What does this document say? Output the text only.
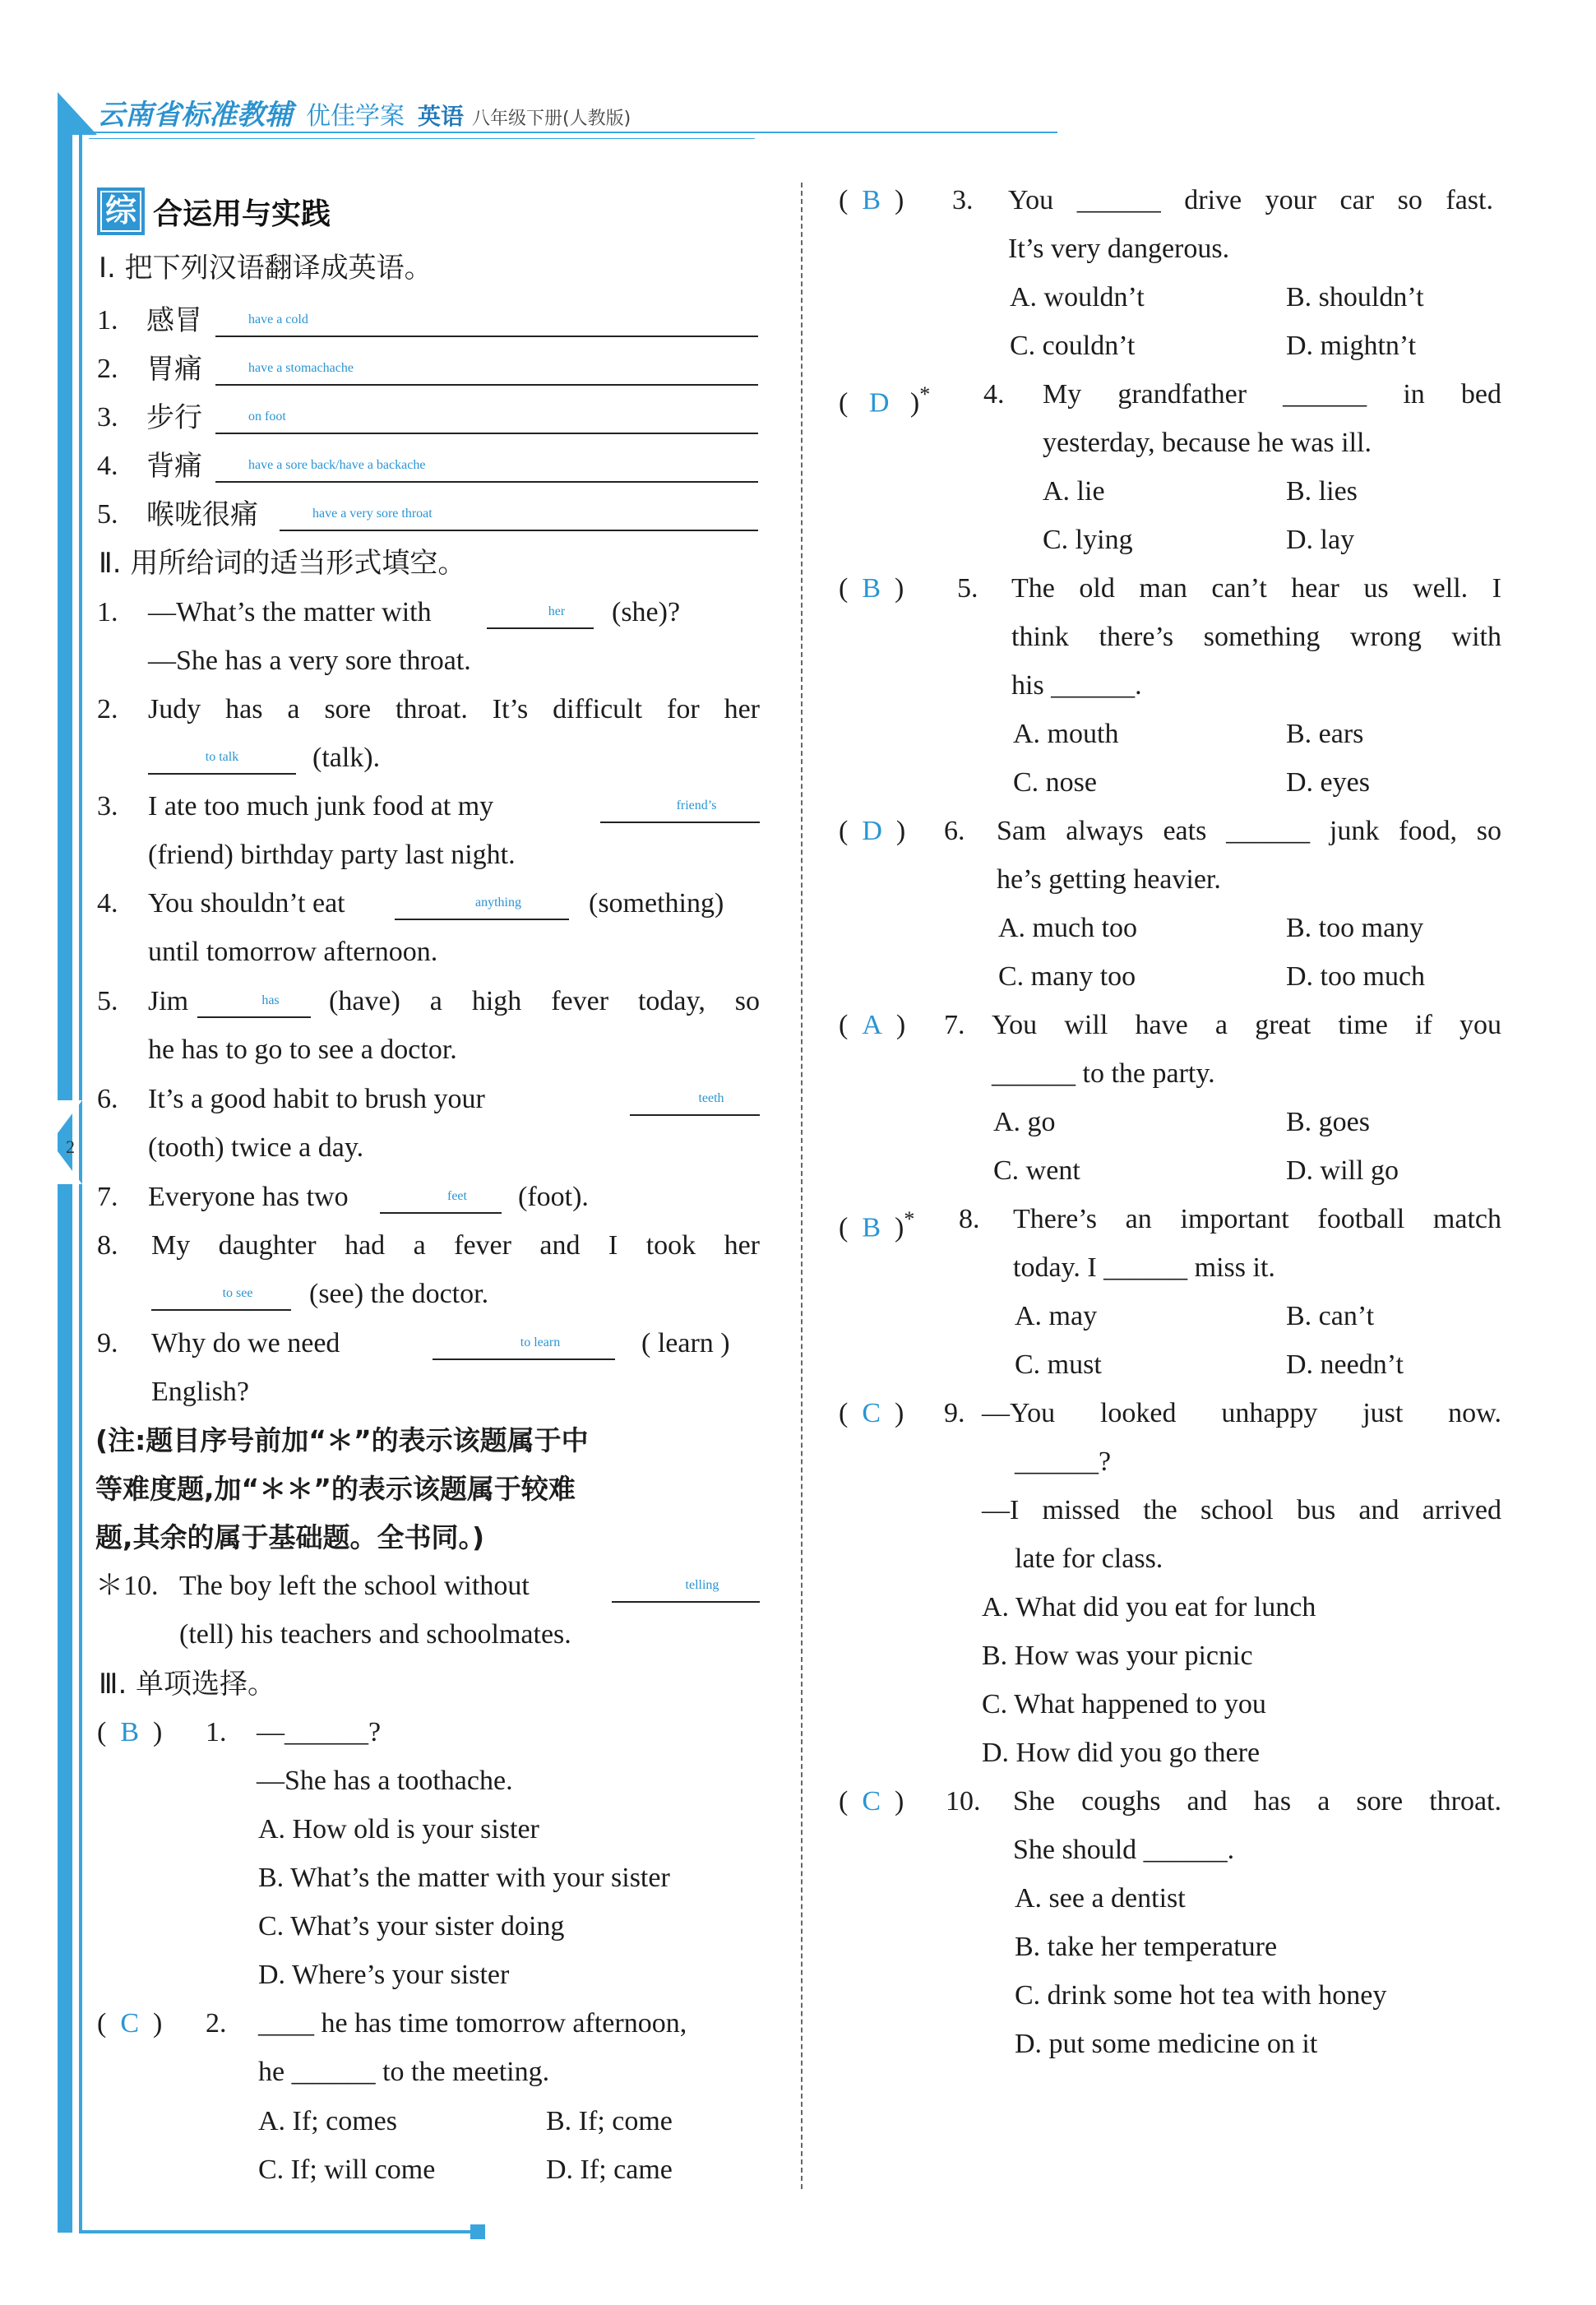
2
云南省标准教辅 优佳学案 英语 八年级下册(人教版)
综 合运用与实践
Ⅰ. 把下列汉语翻译成英语。
1. 感冒	have a cold
2. 胃痛	have a stomachache
3. 步行	on foot
4. 背痛	have a sore back/have a backache
5. 喉咙很痛	have a very sore throat
Ⅱ. 用所给词的适当形式填空。
1. —What’s the matter with	her	(she)?
—She has a very sore throat.
2. Judy has a sore throat. It’s difficult for her
to talk	(talk).
3. I ate too much junk food at my	friend’s
(friend) birthday party last night.
4. You shouldn’t eat	anything	(something)
until tomorrow afternoon.
5. Jim	has	(have) a high fever today, so
he has to go to see a doctor.
6. It’s a good habit to brush your	teeth
(tooth) twice a day.
7. Everyone has two	feet	(foot).
8. My daughter had a fever and I took her
to see	(see) the doctor.
9. Why do we need	to learn	( learn )
English?
(注:题目序号前加“＊”的表示该题属于中
等难度题,加“＊＊”的表示该题属于较难
题,其余的属于基础题。全书同。)
＊10. The boy left the school without	telling
(tell) his teachers and schoolmates.
Ⅲ. 单项选择。
(  B  ) 1. —______?
—She has a toothache.
A. How old is your sister
B. What’s the matter with your sister
C. What’s your sister doing
D. Where’s your sister
(  C  ) 2. ____ he has time tomorrow afternoon,
he ______ to the meeting.
A. If; comes	B. If; come
C. If; will come	D. If; came
(  B  ) 3. You ______ drive your car so fast.
It’s very dangerous.
A. wouldn’t	B. shouldn’t
C. couldn’t	D. mightn’t
(   D   )* 4. My grandfather ______ in bed
yesterday, because he was ill.
A. lie	B. lies
C. lying	D. lay
(  B  ) 5. The old man can’t hear us well. I
think there’s something wrong with
his ______.
A. mouth	B. ears
C. nose	D. eyes
(  D  ) 6. Sam always eats ______ junk food, so
he’s getting heavier.
A. much too	B. too many
C. many too	D. too much
(  A  ) 7. You will have a great time if you
______ to the party.
A. go	B. goes
C. went	D. will go
(  B  )* 8. There’s an important football match
today. I ______ miss it.
A. may	B. can’t
C. must	D. needn’t
(  C  ) 9. —You looked unhappy just now.
______?
—I missed the school bus and arrived
late for class.
A. What did you eat for lunch
B. How was your picnic
C. What happened to you
D. How did you go there
(  C  ) 10. She coughs and has a sore throat.
She should ______.
A. see a dentist
B. take her temperature
C. drink some hot tea with honey
D. put some medicine on it
